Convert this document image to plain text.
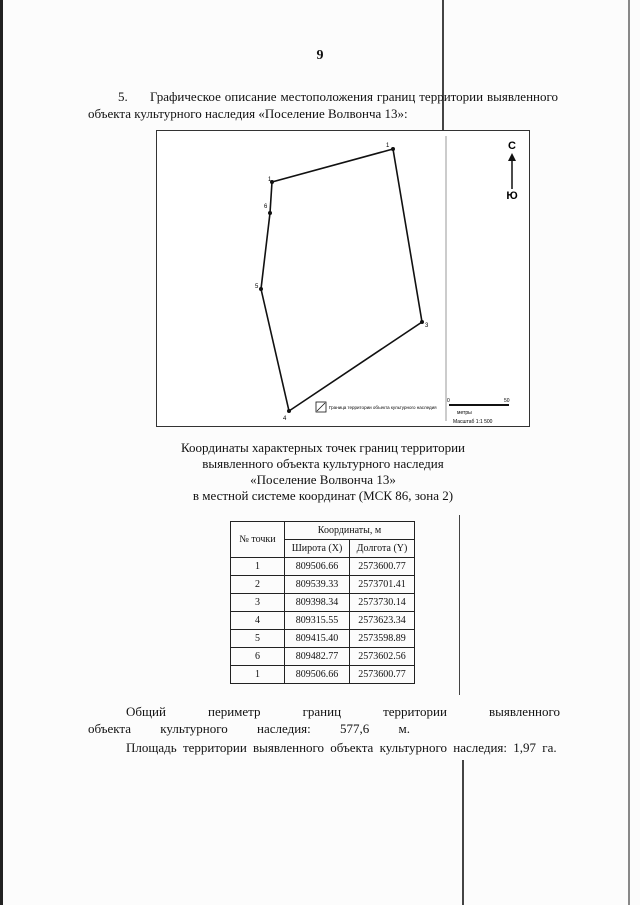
9
5. Графическое описание местоположения границ территории выявленного объекта культурного наследия «Поселение Волвонча 13»:
1
3
4
5
6
1
С
Ю
Граница территории объекта культурного наследия
0	50
метры
Масштаб 1:1 500
Координаты характерных точек границ территории
выявленного объекта культурного наследия
«Поселение Волвонча 13»
в местной системе координат (МСК 86, зона 2)
№ точки	Координаты, м	
	Широта (X)	Долгота (Y)
1	809506.66	2573600.77
2	809539.33	2573701.41
3	809398.34	2573730.14
4	809315.55	2573623.34
5	809415.40	2573598.89
6	809482.77	2573602.56
1	809506.66	2573600.77
Общий периметр границ территории выявленного объекта культурного наследия: 577,6 м.
Площадь территории выявленного объекта культурного наследия: 1,97 га.
